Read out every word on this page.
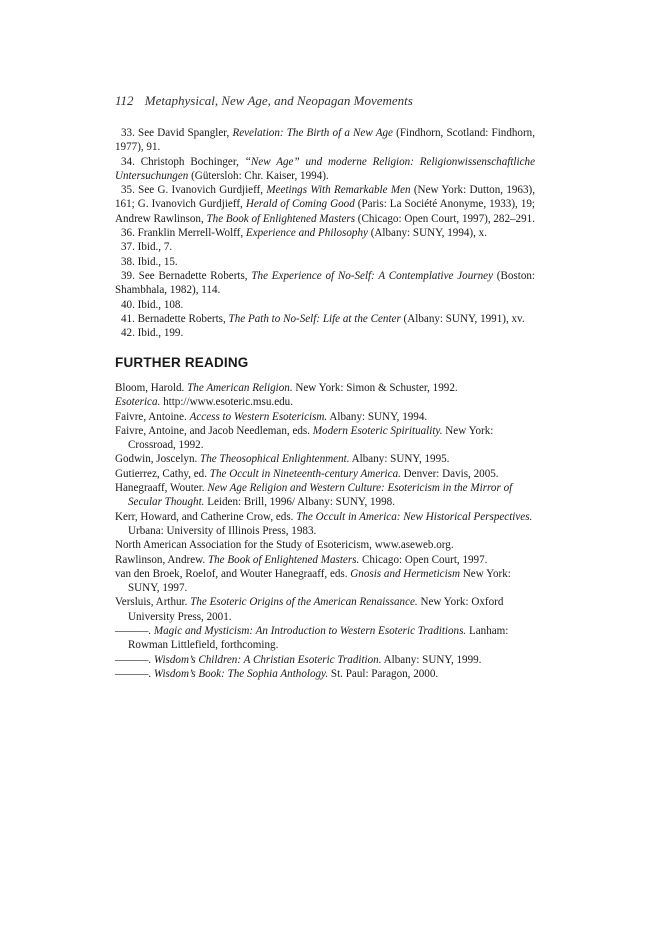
112 Metaphysical, New Age, and Neopagan Movements
33. See David Spangler, Revelation: The Birth of a New Age (Findhorn, Scotland: Findhorn, 1977), 91.
34. Christoph Bochinger, “New Age” und moderne Religion: Religionwissenschaftliche Untersuchungen (Gütersloh: Chr. Kaiser, 1994).
35. See G. Ivanovich Gurdjieff, Meetings With Remarkable Men (New York: Dutton, 1963), 161; G. Ivanovich Gurdjieff, Herald of Coming Good (Paris: La Société Anonyme, 1933), 19; Andrew Rawlinson, The Book of Enlightened Masters (Chicago: Open Court, 1997), 282–291.
36. Franklin Merrell-Wolff, Experience and Philosophy (Albany: SUNY, 1994), x.
37. Ibid., 7.
38. Ibid., 15.
39. See Bernadette Roberts, The Experience of No-Self: A Contemplative Journey (Boston: Shambhala, 1982), 114.
40. Ibid., 108.
41. Bernadette Roberts, The Path to No-Self: Life at the Center (Albany: SUNY, 1991), xv.
42. Ibid., 199.
FURTHER READING
Bloom, Harold. The American Religion. New York: Simon & Schuster, 1992.
Esoterica. http://www.esoteric.msu.edu.
Faivre, Antoine. Access to Western Esotericism. Albany: SUNY, 1994.
Faivre, Antoine, and Jacob Needleman, eds. Modern Esoteric Spirituality. New York: Crossroad, 1992.
Godwin, Joscelyn. The Theosophical Enlightenment. Albany: SUNY, 1995.
Gutierrez, Cathy, ed. The Occult in Nineteenth-century America. Denver: Davis, 2005.
Hanegraaff, Wouter. New Age Religion and Western Culture: Esotericism in the Mirror of Secular Thought. Leiden: Brill, 1996/ Albany: SUNY, 1998.
Kerr, Howard, and Catherine Crow, eds. The Occult in America: New Historical Perspectives. Urbana: University of Illinois Press, 1983.
North American Association for the Study of Esotericism, www.aseweb.org.
Rawlinson, Andrew. The Book of Enlightened Masters. Chicago: Open Court, 1997.
van den Broek, Roelof, and Wouter Hanegraaff, eds. Gnosis and Hermeticism New York: SUNY, 1997.
Versluis, Arthur. The Esoteric Origins of the American Renaissance. New York: Oxford University Press, 2001.
———. Magic and Mysticism: An Introduction to Western Esoteric Traditions. Lanham: Rowman Littlefield, forthcoming.
———. Wisdom’s Children: A Christian Esoteric Tradition. Albany: SUNY, 1999.
———. Wisdom’s Book: The Sophia Anthology. St. Paul: Paragon, 2000.
